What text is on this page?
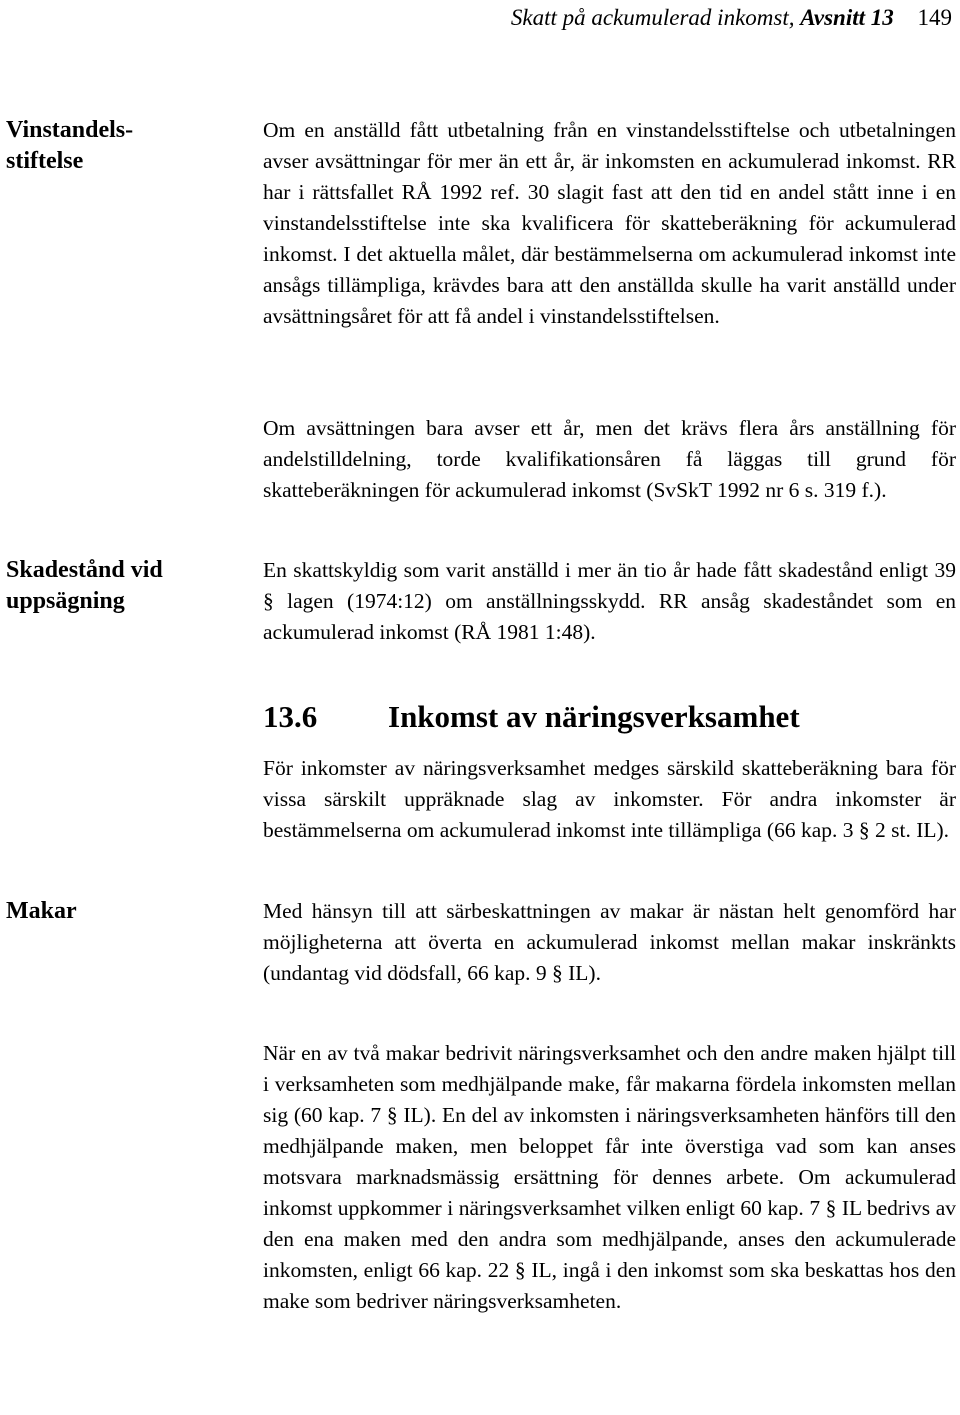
Skatt på ackumulerad inkomst, Avsnitt 13 149
Vinstandels-stiftelse
Skadestånd vid uppsägning
Makar

Om en anställd fått utbetalning från en vinstandelsstiftelse och utbetalningen avser avsättningar för mer än ett år, är inkomsten en ackumulerad inkomst. RR har i rättsfallet RÅ 1992 ref. 30 slagit fast att den tid en andel stått inne i en vinstandelsstiftelse inte ska kvalificera för skatteberäkning för ackumulerad inkomst. I det aktuella målet, där bestämmelserna om ackumulerad inkomst inte ansågs tillämpliga, krävdes bara att den anställda skulle ha varit anställd under avsättningsåret för att få andel i vinstandelsstiftelsen.

Om avsättningen bara avser ett år, men det krävs flera års anställning för andelstilldelning, torde kvalifikationsåren få läggas till grund för skatteberäkningen för ackumulerad inkomst (SvSkT 1992 nr 6 s. 319 f.).

En skattskyldig som varit anställd i mer än tio år hade fått skadestånd enligt 39 § lagen (1974:12) om anställningsskydd. RR ansåg skadeståndet som en ackumulerad inkomst (RÅ 1981 1:48).

13.6 Inkomst av näringsverksamhet

För inkomster av näringsverksamhet medges särskild skatteberäkning bara för vissa särskilt uppräknade slag av inkomster. För andra inkomster är bestämmelserna om ackumulerad inkomst inte tillämpliga (66 kap. 3 § 2 st. IL).

Med hänsyn till att särbeskattningen av makar är nästan helt genomförd har möjligheterna att överta en ackumulerad inkomst mellan makar inskränkts (undantag vid dödsfall, 66 kap. 9 § IL).

När en av två makar bedrivit näringsverksamhet och den andre maken hjälpt till i verksamheten som medhjälpande make, får makarna fördela inkomsten mellan sig (60 kap. 7 § IL). En del av inkomsten i näringsverksamheten hänförs till den medhjälpande maken, men beloppet får inte överstiga vad som kan anses motsvara marknadsmässig ersättning för dennes arbete. Om ackumulerad inkomst uppkommer i näringsverksamhet vilken enligt 60 kap. 7 § IL bedrivs av den ena maken med den andra som medhjälpande, anses den ackumulerade inkomsten, enligt 66 kap. 22 § IL, ingå i den inkomst som ska beskattas hos den make som bedriver näringsverksamheten.
